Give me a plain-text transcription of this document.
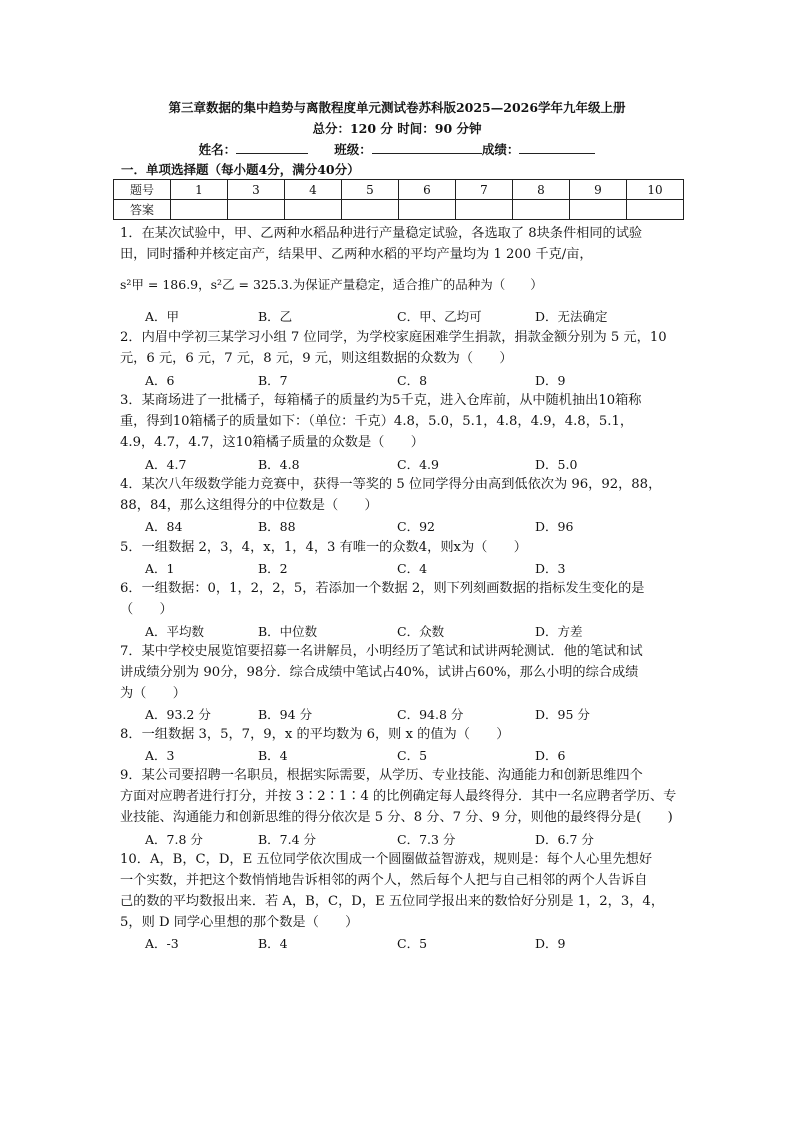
第三章数据的集中趋势与离散程度单元测试卷苏科版2025—2026学年九年级上册
总分：120 分 时间：90 分钟
姓名：	班级：	成绩：
一．单项选择题（每小题4分，满分40分）
题号	1	3	4	5	6	7	8	9	10
答案									
1．在某次试验中，甲、乙两种水稻品种进行产量稳定试验，各选取了 8块条件相同的试验
田，同时播种并核定亩产，结果甲、乙两种水稻的平均产量均为 1 200 千克/亩，
s²甲 = 186.9，s²乙 = 325.3.为保证产量稳定，适合推广的品种为（　　）
A．甲	B．乙	C．甲、乙均可	D．无法确定
2．内眉中学初三某学习小组 7 位同学，为学校家庭困难学生捐款，捐款金额分别为 5 元，10
元，6 元，6 元，7 元，8 元，9 元，则这组数据的众数为（　　）
A．6	B．7	C．8	D．9
3．某商场进了一批橘子，每箱橘子的质量约为5千克，进入仓库前，从中随机抽出10箱称
重，得到10箱橘子的质量如下：（单位：千克）4.8，5.0，5.1，4.8，4.9，4.8，5.1，
4.9，4.7，4.7，这10箱橘子质量的众数是（　　）
A．4.7	B．4.8	C．4.9	D．5.0
4．某次八年级数学能力竞赛中，获得一等奖的 5 位同学得分由高到低依次为 96，92，88，
88，84，那么这组得分的中位数是（　　）
A．84	B．88	C．92	D．96
5．一组数据 2，3，4，x，1，4，3 有唯一的众数4，则x为（　　）
A．1	B．2	C．4	D．3
6．一组数据：0，1，2，2，5，若添加一个数据 2，则下列刻画数据的指标发生变化的是
（　　）
A．平均数	B．中位数	C．众数	D．方差
7．某中学校史展览馆要招募一名讲解员，小明经历了笔试和试讲两轮测试．他的笔试和试
讲成绩分别为 90分，98分．综合成绩中笔试占40%，试讲占60%，那么小明的综合成绩
为（　　）
A．93.2 分	B．94 分	C．94.8 分	D．95 分
8．一组数据 3，5，7，9，x 的平均数为 6，则 x 的值为（　　）
A．3	B．4	C．5	D．6
9．某公司要招聘一名职员，根据实际需要，从学历、专业技能、沟通能力和创新思维四个
方面对应聘者进行打分，并按 3∶2∶1∶4 的比例确定每人最终得分．其中一名应聘者学历、专
业技能、沟通能力和创新思维的得分依次是 5 分、8 分、7 分、9 分，则他的最终得分是(　　)
A．7.8 分	B．7.4 分	C．7.3 分	D．6.7 分
10．A，B，C，D，E 五位同学依次围成一个圆圈做益智游戏，规则是：每个人心里先想好
一个实数，并把这个数悄悄地告诉相邻的两个人，然后每个人把与自己相邻的两个人告诉自
己的数的平均数报出来．若 A，B，C，D，E 五位同学报出来的数恰好分别是 1，2，3，4，
5，则 D 同学心里想的那个数是（　　）
A．-3	B．4	C．5	D．9
